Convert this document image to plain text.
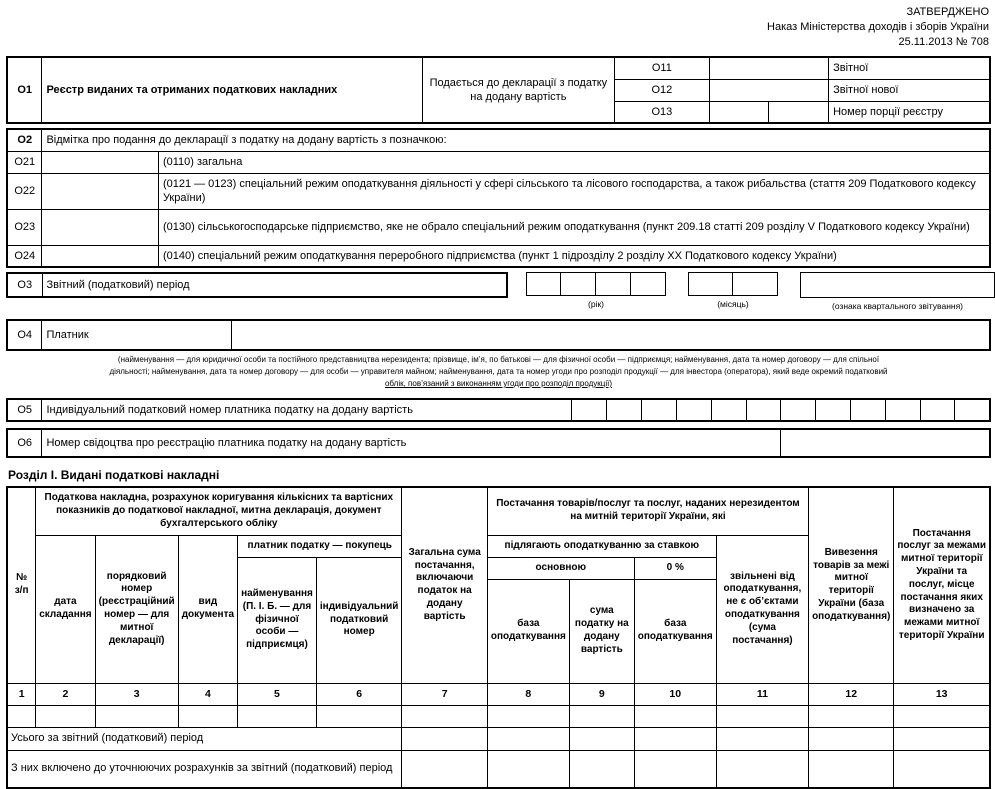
ЗАТВЕРДЖЕНО
Наказ Міністерства доходів і зборів України
25.11.2013 № 708
О1	Реєстр виданих та отриманих податкових накладних	Подається до декларації з податку на додану вартість	О11			Звітної
			О12			Звітної нової
			О13			Номер порції реєстру
О2	Відмітка про подання до декларації з податку на додану вартість з позначкою:	
О21		(0110) загальна
О22		(0121 — 0123) спеціальний режим оподаткування діяльності у сфері сільського та лісового господарства, а також рибальства (стаття 209 Податкового кодексу України)
О23		(0130) сільськогосподарське підприємство, яке не обрало спеціальний режим оподаткування (пункт 209.18 статті 209 розділу V Податкового кодексу України)
О24		(0140) спеціальний режим оподаткування переробного підприємства (пункт 1 підрозділу 2 розділу XX Податкового кодексу України)
О3	Звітний (податковий) період
(рік)	(місяць)	(ознака квартального звітування)
О4	Платник	
(найменування — для юридичної особи та постійного представництва нерезидента; прізвище, ім’я, по батькові — для фізичної особи — підприємця; найменування, дата та номер договору — для спільної
діяльності; найменування, дата та номер договору — для особи — управителя майном; найменування, дата та номер угоди про розподіл продукції — для інвестора (оператора), який веде окремий податковий
облік, пов’язаний з виконанням угоди про розподіл продукції)
О5	Індивідуальний податковий номер платника податку на додану вартість												
О6	Номер свідоцтва про реєстрацію платника податку на додану вартість	
Розділ І. Видані податкові накладні
№ з/п	Податкова накладна, розрахунок коригування кількісних та вартісних показників до податкової накладної, митна декларація, документ бухгалтерського обліку					Загальна сума постачання, включаючи податок на додану вартість	Постачання товарів/послуг та послуг, наданих нерезидентом на митній території України, які				Вивезення товарів за межі митної території України (база оподаткування)	Постачання послуг за межами митної території України та послуг, місце постачання яких визначено за межами митної території України
	дата складання	порядковий номер (реєстраційний номер — для митної декларації)	вид документа	платник податку — покупець			підлягають оподаткуванню за ставкою			звільнені від оподаткування, не є об’єктами оподаткування (сума постачання)		
				найменування (П. І. Б. — для фізичної особи — підприємця)	індивідуальний податковий номер		основною		0 %			
							база оподаткування	сума податку на додану вартість	база оподаткування			
1	2	3	4	5	6	7	8	9	10	11	12	13

Усього за звітний (податковий) період												
З них включено до уточнюючих розрахунків за звітний (податковий) період												
